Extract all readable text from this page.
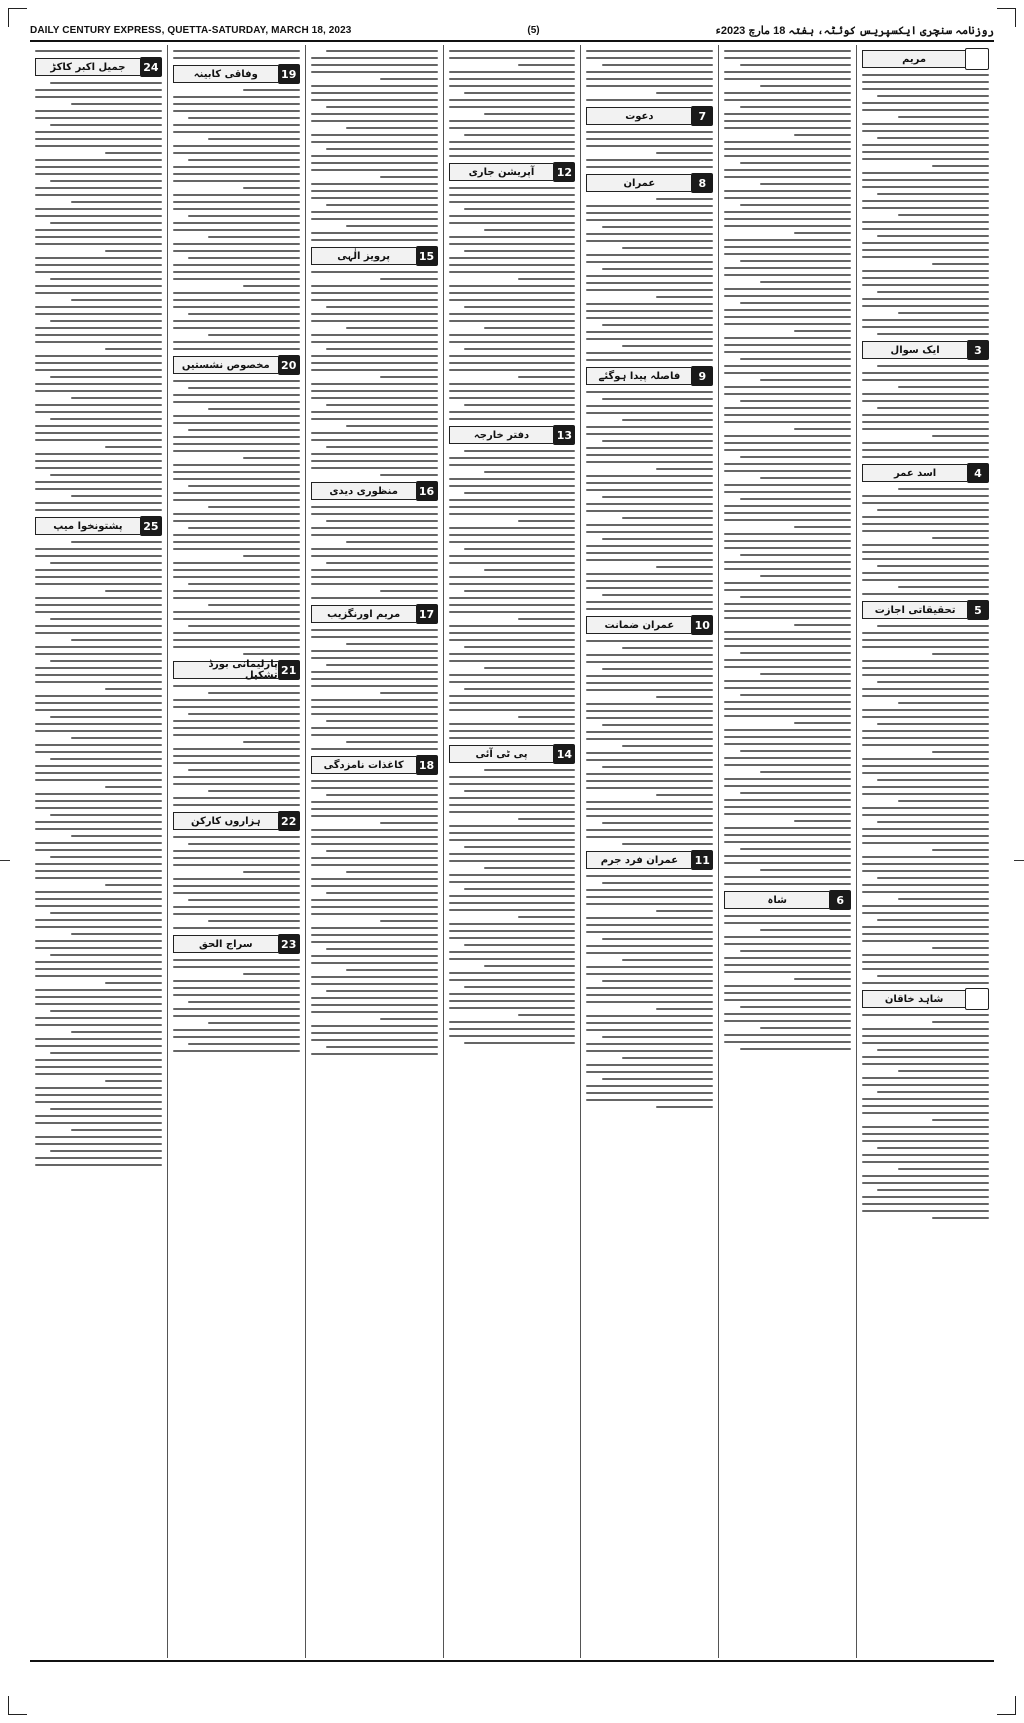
DAILY CENTURY EXPRESS, QUETTA-SATURDAY, MARCH 18, 2023	(5)	روزنامہ سنچری ایکسپریس کوئٹہ، ہفتہ 18 مارچ 2023ء
مریم
3
ایک سوال
4
اسد عمر
5
تحقیقاتی اجازت
شاہد خاقان
6
شاہ
7
دعوت
8
عمران
9
فاصلہ پیدا ہوگئے
10
عمران ضمانت
11
عمران فرد جرم
12
آپریشن جاری
13
دفتر خارجہ
14
پی ٹی آئی
15
پرویز الٰہی
16
منظوری دیدی
17
مریم اورنگزیب
18
کاغذات نامزدگی
19
وفاقی کابینہ
20
مخصوص نشستیں
21
پارلیمانی بورڈ تشکیل
22
ہزاروں کارکن
23
سراج الحق
24
جمیل اکبر کاکڑ
25
پشتونخوا میپ
